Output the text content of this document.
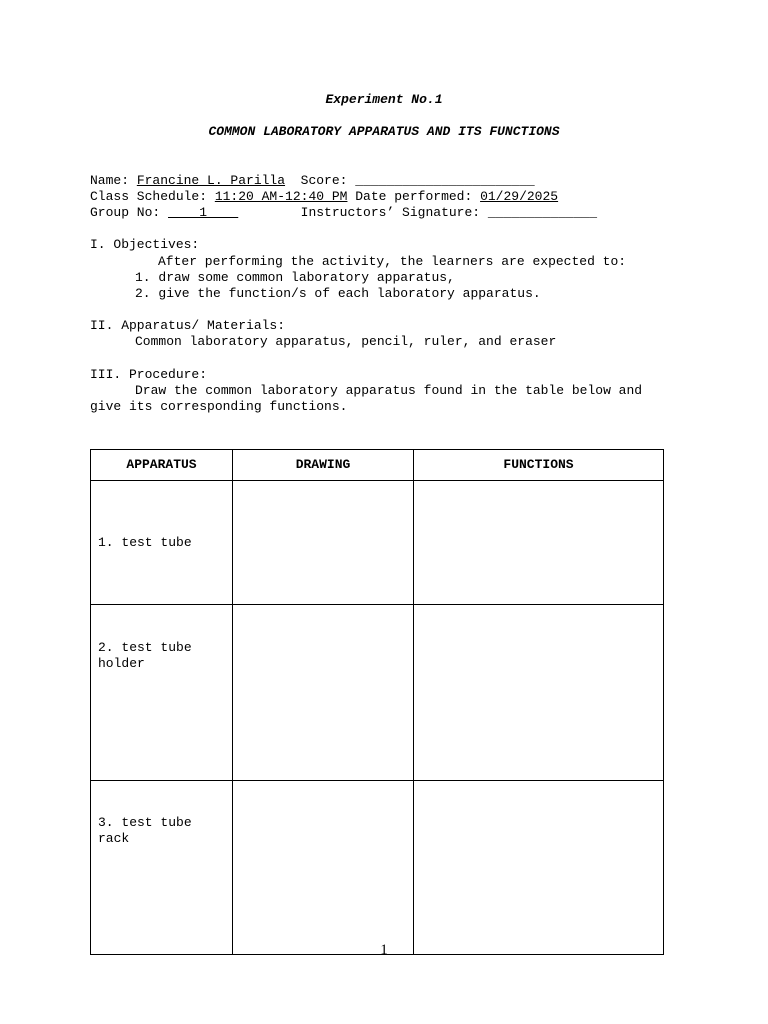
Experiment No.1
COMMON LABORATORY APPARATUS AND ITS FUNCTIONS
Name: Francine L. Parilla  Score: _______________________
Class Schedule: 11:20 AM-12:40 PM Date performed: 01/29/2025
Group No:     1            Instructors’ Signature: ______________
I. Objectives:
After performing the activity, the learners are expected to:
1. draw some common laboratory apparatus,
2. give the function/s of each laboratory apparatus.
II. Apparatus/ Materials:
Common laboratory apparatus, pencil, ruler, and eraser
III. Procedure:
Draw the common laboratory apparatus found in the table below and
give its corresponding functions.
APPARATUS	DRAWING	FUNCTIONS
1. test tube		
2. test tube holder		
3. test tube rack		
1
